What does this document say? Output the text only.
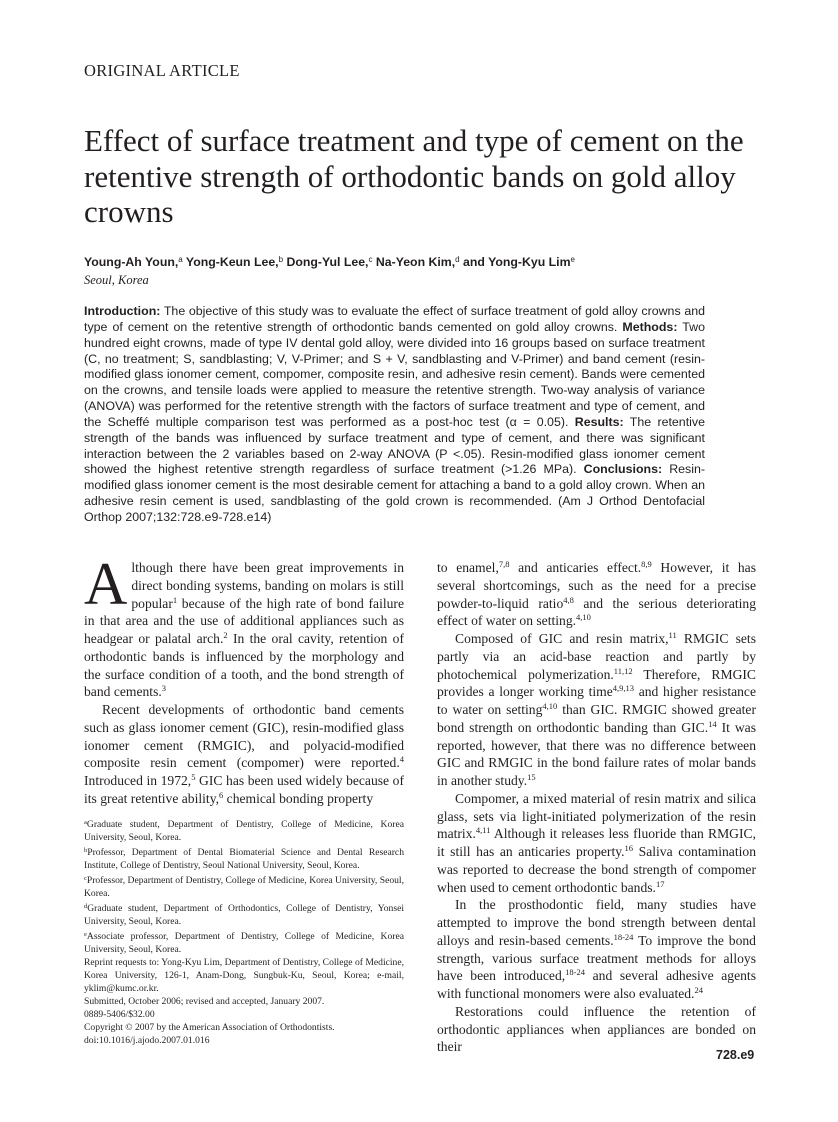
ORIGINAL ARTICLE
Effect of surface treatment and type of cement on the retentive strength of orthodontic bands on gold alloy crowns
Young-Ah Youn,$^a$ Yong-Keun Lee,$^b$ Dong-Yul Lee,$^c$ Na-Yeon Kim,$^d$ and Yong-Kyu Lim$^e$
Seoul, Korea
Introduction: The objective of this study was to evaluate the effect of surface treatment of gold alloy crowns and type of cement on the retentive strength of orthodontic bands cemented on gold alloy crowns. Methods: Two hundred eight crowns, made of type IV dental gold alloy, were divided into 16 groups based on surface treatment (C, no treatment; S, sandblasting; V, V-Primer; and S + V, sandblasting and V-Primer) and band cement (resin-modified glass ionomer cement, compomer, composite resin, and adhesive resin cement). Bands were cemented on the crowns, and tensile loads were applied to measure the retentive strength. Two-way analysis of variance (ANOVA) was performed for the retentive strength with the factors of surface treatment and type of cement, and the Scheffé multiple comparison test was performed as a post-hoc test (α = 0.05). Results: The retentive strength of the bands was influenced by surface treatment and type of cement, and there was significant interaction between the 2 variables based on 2-way ANOVA (P <.05). Resin-modified glass ionomer cement showed the highest retentive strength regardless of surface treatment (>1.26 MPa). Conclusions: Resin-modified glass ionomer cement is the most desirable cement for attaching a band to a gold alloy crown. When an adhesive resin cement is used, sandblasting of the gold crown is recommended. (Am J Orthod Dentofacial Orthop 2007;132:728.e9-728.e14)

Although there have been great improvements in direct bonding systems, banding on molars is still popular$^1$ because of the high rate of bond failure in that area and the use of additional appliances such as headgear or palatal arch.$^2$ In the oral cavity, retention of orthodontic bands is influenced by the morphology and the surface condition of a tooth, and the bond strength of band cements.$^3$

Recent developments of orthodontic band cements such as glass ionomer cement (GIC), resin-modified glass ionomer cement (RMGIC), and polyacid-modified composite resin cement (compomer) were reported.$^4$ Introduced in 1972,$^5$ GIC has been used widely because of its great retentive ability,$^6$ chemical bonding property

to enamel,$^{7,8}$ and anticaries effect.$^{8,9}$ However, it has several shortcomings, such as the need for a precise powder-to-liquid ratio$^{4,8}$ and the serious deteriorating effect of water on setting.$^{4,10}$

Composed of GIC and resin matrix,$^{11}$ RMGIC sets partly via an acid-base reaction and partly by photochemical polymerization.$^{11,12}$ Therefore, RMGIC provides a longer working time$^{4,9,13}$ and higher resistance to water on setting$^{4,10}$ than GIC. RMGIC showed greater bond strength on orthodontic banding than GIC.$^{14}$ It was reported, however, that there was no difference between GIC and RMGIC in the bond failure rates of molar bands in another study.$^{15}$

Compomer, a mixed material of resin matrix and silica glass, sets via light-initiated polymerization of the resin matrix.$^{4,11}$ Although it releases less fluoride than RMGIC, it still has an anticaries property.$^{16}$ Saliva contamination was reported to decrease the bond strength of compomer when used to cement orthodontic bands.$^{17}$

In the prosthodontic field, many studies have attempted to improve the bond strength between dental alloys and resin-based cements.$^{18-24}$ To improve the bond strength, various surface treatment methods for alloys have been introduced,$^{18-24}$ and several adhesive agents with functional monomers were also evaluated.$^{24}$

Restorations could influence the retention of orthodontic appliances when appliances are bonded on their

$^a$Graduate student, Department of Dentistry, College of Medicine, Korea University, Seoul, Korea.
$^b$Professor, Department of Dental Biomaterial Science and Dental Research Institute, College of Dentistry, Seoul National University, Seoul, Korea.
$^c$Professor, Department of Dentistry, College of Medicine, Korea University, Seoul, Korea.
$^d$Graduate student, Department of Orthodontics, College of Dentistry, Yonsei University, Seoul, Korea.
$^e$Associate professor, Department of Dentistry, College of Medicine, Korea University, Seoul, Korea.
Reprint requests to: Yong-Kyu Lim, Department of Dentistry, College of Medicine, Korea University, 126-1, Anam-Dong, Sungbuk-Ku, Seoul, Korea; e-mail, yklim@kumc.or.kr.
Submitted, October 2006; revised and accepted, January 2007.
0889-5406/$32.00
Copyright © 2007 by the American Association of Orthodontists.
doi:10.1016/j.ajodo.2007.01.016
728.e9
